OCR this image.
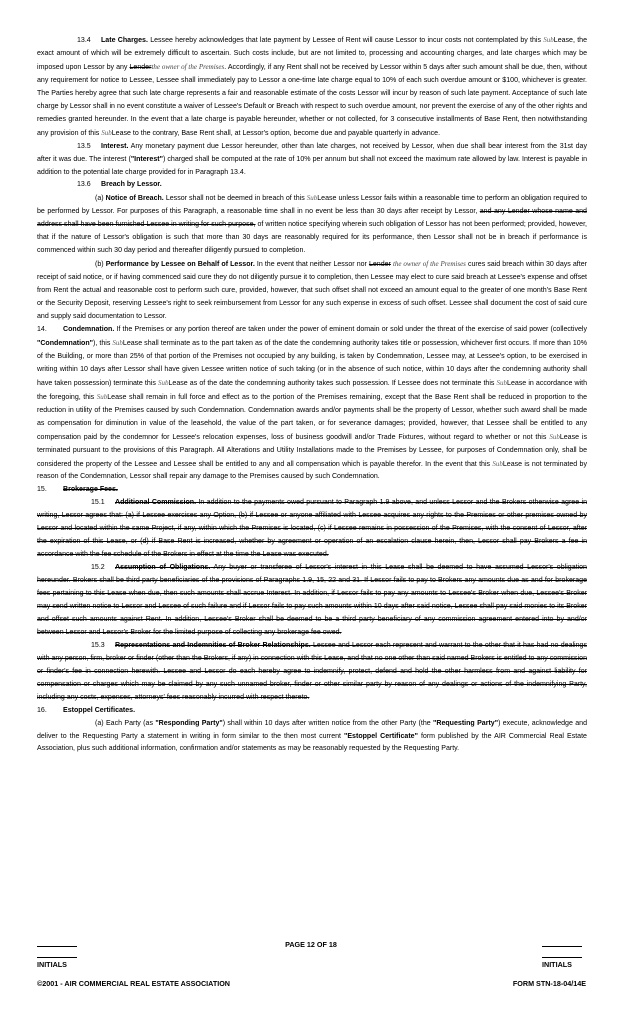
13.4 Late Charges. Lessee hereby acknowledges that late payment by Lessee of Rent will cause Lessor to incur costs not contemplated by this SubLease, the exact amount of which will be extremely difficult to ascertain. Such costs include, but are not limited to, processing and accounting charges, and late charges which may be imposed upon Lessor by any Lenderthe owner of the Premises. Accordingly, if any Rent shall not be received by Lessor within 5 days after such amount shall be due, then, without any requirement for notice to Lessee, Lessee shall immediately pay to Lessor a one-time late charge equal to 10% of each such overdue amount or $100, whichever is greater. The Parties hereby agree that such late charge represents a fair and reasonable estimate of the costs Lessor will incur by reason of such late payment. Acceptance of such late charge by Lessor shall in no event constitute a waiver of Lessee's Default or Breach with respect to such overdue amount, nor prevent the exercise of any of the other rights and remedies granted hereunder. In the event that a late charge is payable hereunder, whether or not collected, for 3 consecutive installments of Base Rent, then notwithstanding any provision of this SubLease to the contrary, Base Rent shall, at Lessor's option, become due and payable quarterly in advance.

13.5 Interest. Any monetary payment due Lessor hereunder, other than late charges, not received by Lessor, when due shall bear interest from the 31st day after it was due. The interest ("Interest") charged shall be computed at the rate of 10% per annum but shall not exceed the maximum rate allowed by law. Interest is payable in addition to the potential late charge provided for in Paragraph 13.4.

13.6 Breach by Lessor.

(a) Notice of Breach. Lessor shall not be deemed in breach of this SubLease unless Lessor fails within a reasonable time to perform an obligation required to be performed by Lessor. For purposes of this Paragraph, a reasonable time shall in no event be less than 30 days after receipt by Lessor, and any Lender whose name and address shall have been furnished Lessee in writing for such purpose, of written notice specifying wherein such obligation of Lessor has not been performed; provided, however, that if the nature of Lessor's obligation is such that more than 30 days are reasonably required for its performance, then Lessor shall not be in breach if performance is commenced within such 30 day period and thereafter diligently pursued to completion.

(b) Performance by Lessee on Behalf of Lessor. In the event that neither Lessor nor Lender the owner of the Premises cures said breach within 30 days after receipt of said notice, or if having commenced said cure they do not diligently pursue it to completion, then Lessee may elect to cure said breach at Lessee's expense and offset from Rent the actual and reasonable cost to perform such cure, provided, however, that such offset shall not exceed an amount equal to the greater of one month's Base Rent or the Security Deposit, reserving Lessee's right to seek reimbursement from Lessor for any such expense in excess of such offset. Lessee shall document the cost of said cure and supply said documentation to Lessor.

14. Condemnation. If the Premises or any portion thereof are taken under the power of eminent domain or sold under the threat of the exercise of said power (collectively "Condemnation"), this SubLease shall terminate as to the part taken as of the date the condemning authority takes title or possession, whichever first occurs. If more than 10% of the Building, or more than 25% of that portion of the Premises not occupied by any building, is taken by Condemnation, Lessee may, at Lessee's option, to be exercised in writing within 10 days after Lessor shall have given Lessee written notice of such taking (or in the absence of such notice, within 10 days after the condemning authority shall have taken possession) terminate this SubLease as of the date the condemning authority takes such possession. If Lessee does not terminate this SubLease in accordance with the foregoing, this SubLease shall remain in full force and effect as to the portion of the Premises remaining, except that the Base Rent shall be reduced in proportion to the reduction in utility of the Premises caused by such Condemnation. Condemnation awards and/or payments shall be the property of Lessor, whether such award shall be made as compensation for diminution in value of the leasehold, the value of the part taken, or for severance damages; provided, however, that Lessee shall be entitled to any compensation paid by the condemnor for Lessee's relocation expenses, loss of business goodwill and/or Trade Fixtures, without regard to whether or not this SubLease is terminated pursuant to the provisions of this Paragraph. All Alterations and Utility Installations made to the Premises by Lessee, for purposes of Condemnation only, shall be considered the property of the Lessee and Lessee shall be entitled to any and all compensation which is payable therefor. In the event that this SubLease is not terminated by reason of the Condemnation, Lessor shall repair any damage to the Premises caused by such Condemnation.

15. Brokerage Fees.

15.1 Additional Commission. In addition to the payments owed pursuant to Paragraph 1.9 above, and unless Lessor and the Brokers otherwise agree in writing, Lessor agrees that: (a) if Lessee exercises any Option, (b) if Lessee or anyone affiliated with Lessee acquires any rights to the Premises or other premises owned by Lessor and located within the same Project, if any, within which the Premises is located, (c) if Lessee remains in possession of the Premises, with the consent of Lessor, after the expiration of this Lease, or (d) if Base Rent is increased, whether by agreement or operation of an escalation clause herein, then, Lessor shall pay Brokers a fee in accordance with the fee schedule of the Brokers in effect at the time the Lease was executed.

15.2 Assumption of Obligations. Any buyer or transferee of Lessor's interest in this Lease shall be deemed to have assumed Lessor's obligation hereunder. Brokers shall be third party beneficiaries of the provisions of Paragraphs 1.9, 15, 22 and 31. If Lessor fails to pay to Brokers any amounts due as and for brokerage fees pertaining to this Lease when due, then such amounts shall accrue Interest. In addition, if Lessor fails to pay any amounts to Lessee's Broker when due, Lessee's Broker may send written notice to Lessor and Lessee of such failure and if Lessor fails to pay such amounts within 10 days after said notice, Lessee shall pay said monies to its Broker and offset such amounts against Rent. In addition, Lessee's Broker shall be deemed to be a third party beneficiary of any commission agreement entered into by and/or between Lessor and Lessor's Broker for the limited purpose of collecting any brokerage fee owed.

15.3 Representations and Indemnities of Broker Relationships. Lessee and Lessor each represent and warrant to the other that it has had no dealings with any person, firm, broker or finder (other than the Brokers, if any) in connection with this Lease, and that no one other than said named Brokers is entitled to any commission or finder's fee in connection herewith. Lessee and Lessor do each hereby agree to indemnify, protect, defend and hold the other harmless from and against liability for compensation or charges which may be claimed by any such unnamed broker, finder or other similar party by reason of any dealings or actions of the indemnifying Party, including any costs, expenses, attorneys' fees reasonably incurred with respect thereto.

16. Estoppel Certificates.

(a) Each Party (as "Responding Party") shall within 10 days after written notice from the other Party (the "Requesting Party") execute, acknowledge and deliver to the Requesting Party a statement in writing in form similar to the then most current "Estoppel Certificate" form published by the AIR Commercial Real Estate Association, plus such additional information, confirmation and/or statements as may be reasonably requested by the Requesting Party.

PAGE 12 OF 18
INITIALS	INITIALS
©2001 - AIR COMMERCIAL REAL ESTATE ASSOCIATION	FORM STN-18-04/14E
